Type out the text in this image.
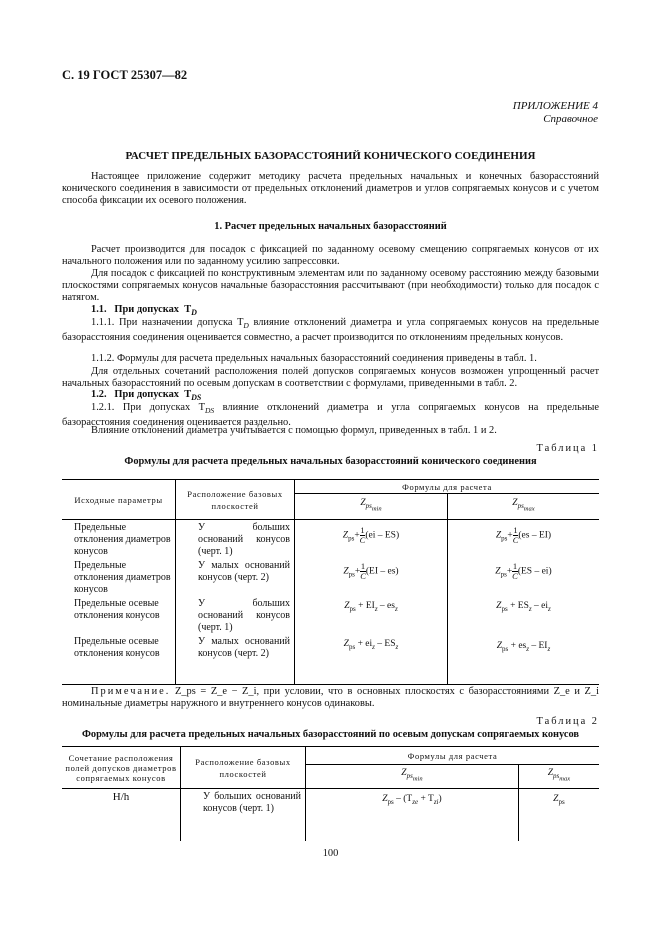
С. 19 ГОСТ 25307—82
ПРИЛОЖЕНИЕ 4
Справочное
РАСЧЕТ ПРЕДЕЛЬНЫХ БАЗОРАССТОЯНИЙ КОНИЧЕСКОГО СОЕДИНЕНИЯ
Настоящее приложение содержит методику расчета предельных начальных и конечных базорасстояний конического соединения в зависимости от предельных отклонений диаметров и углов сопрягаемых конусов и с учетом способа фиксации их осевого положения.
1. Расчет предельных начальных базорасстояний
Расчет производится для посадок с фиксацией по заданному осевому смещению сопрягаемых конусов от их начального положения или по заданному усилию запрессовки.
Для посадок с фиксацией по конструктивным элементам или по заданному осевому расстоянию между базовыми плоскостями сопрягаемых конусов начальные базорасстояния рассчитывают (при необходимости) только для посадок с натягом.
1.1. При допусках $T_D$
1.1.1. При назначении допуска $T_D$ влияние отклонений диаметра и угла сопрягаемых конусов на предельные базорасстояния соединения оценивается совместно, а расчет производится по отклонениям предельных конусов.
1.1.2. Формулы для расчета предельных начальных базорасстояний соединения приведены в табл. 1.
Для отдельных сочетаний расположения полей допусков сопрягаемых конусов возможен упрощенный расчет начальных базорасстояний по осевым допускам в соответствии с формулами, приведенными в табл. 2.
1.2. При допусках $T_{DS}$
1.2.1. При допусках $T_{DS}$ влияние отклонений диаметра и угла сопрягаемых конусов на предельные базорасстояния соединения оценивается раздельно.
Влияние отклонений диаметра учитывается с помощью формул, приведенных в табл. 1 и 2.
Таблица 1
Формулы для расчета предельных начальных базорасстояний конического соединения
Исходные параметры	Расположение базовых плоскостей	Формулы для расчета	
		$Z_{ps_{min}}$	$Z_{ps_{max}}$
Предельные отклонения диаметров конусов	У больших оснований конусов (черт. 1)	$Z_{ps}+ \frac{1}{C} (ei - ES)$	$Z_{ps}+ \frac{1}{C} (es - EI)$
Предельные отклонения диаметров конусов	У малых оснований конусов (черт. 2)	$Z_{ps}+ \frac{1}{C} (EI - es)$	$Z_{ps}+ \frac{1}{C} (ES - ei)$
Предельные осевые отклонения конусов	У больших оснований конусов (черт. 1)	$Z_{ps} + EI_z - es_z$	$Z_{ps} + ES_z - ei_z$
Предельные осевые отклонения конусов	У малых оснований конусов (черт. 2)	$Z_{ps} + ei_z - ES_z$	$Z_{ps} + es_z - EI_z$
Примечание. Z_ps = Z_e − Z_i, при условии, что в основных плоскостях с базорасстояниями Z_e и Z_i номинальные диаметры наружного и внутреннего конусов одинаковы.
Таблица 2
Формулы для расчета предельных начальных базорасстояний по осевым допускам сопрягаемых конусов
Сочетание расположения полей допусков диаметров сопрягаемых конусов	Расположение базовых плоскостей	Формулы для расчета	
		$Z_{ps_{min}}$	$Z_{ps_{max}}$
H/h	У больших оснований конусов (черт. 1)	$Z_{ps} - (T_{ze} + T_{zi})$	$Z_{ps}$
100
